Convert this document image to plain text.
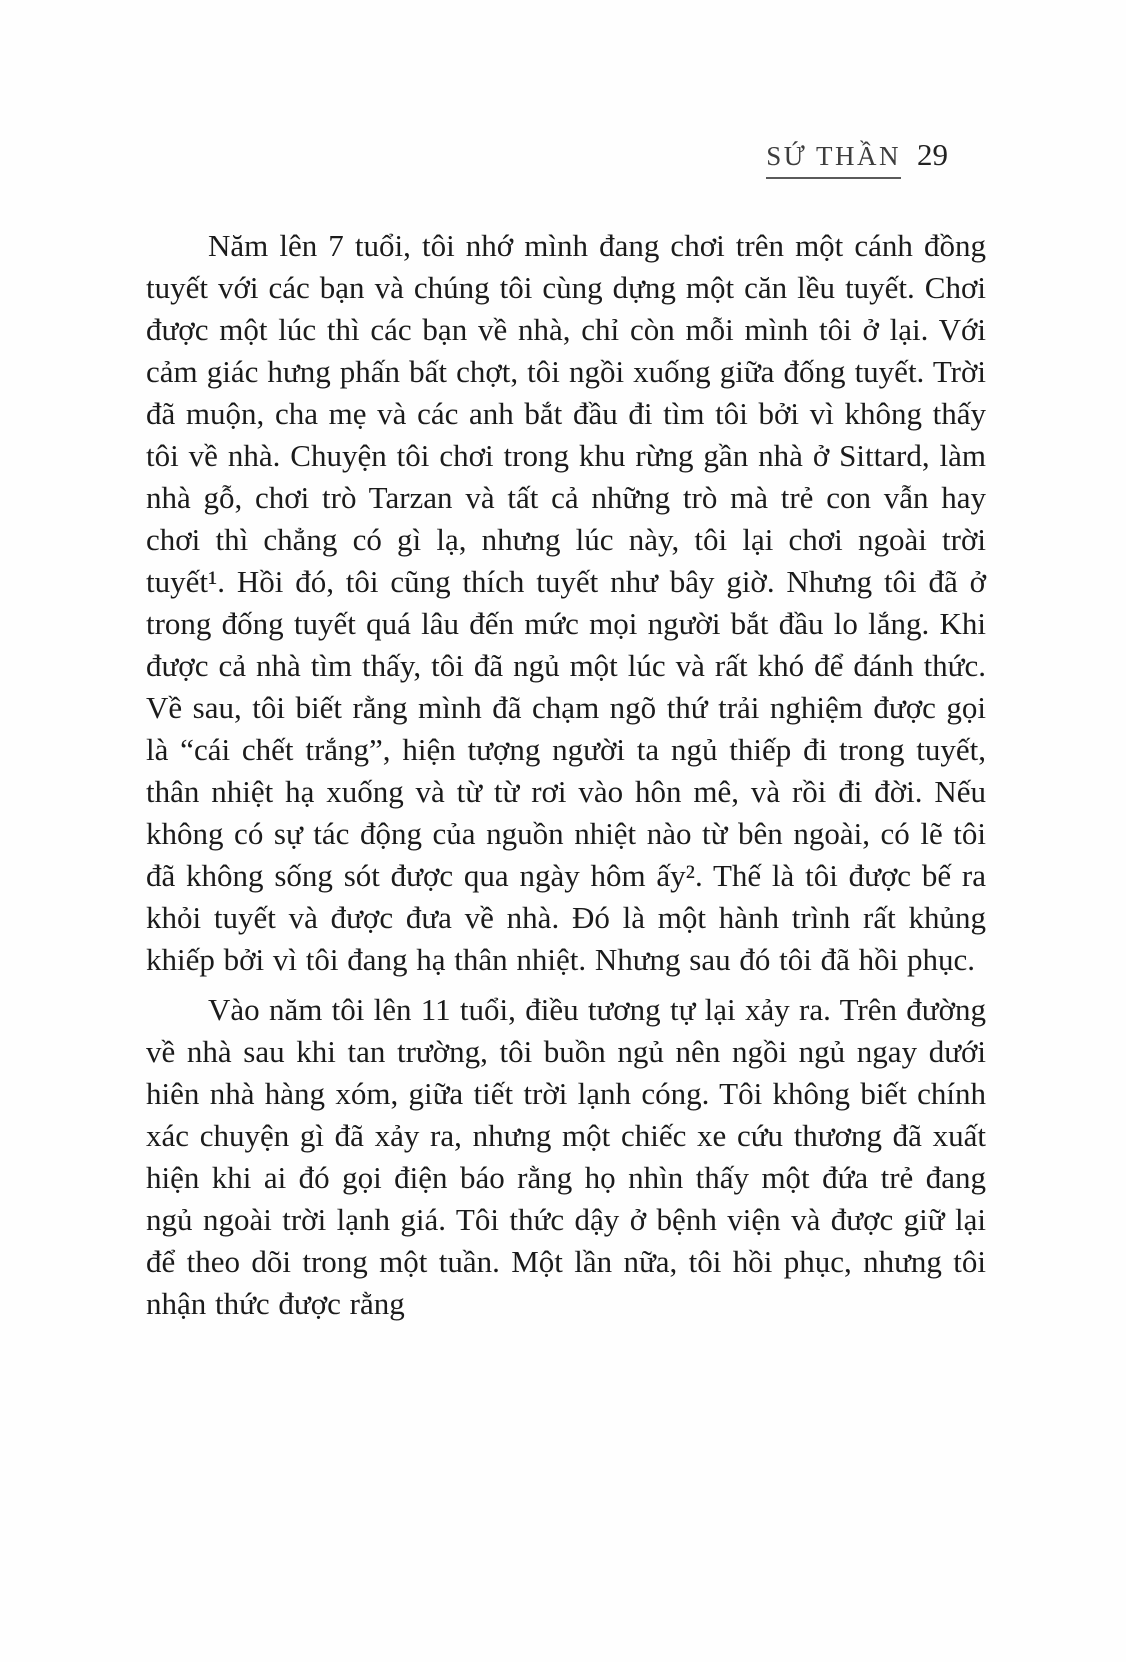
SỨ THẦN 29

Năm lên 7 tuổi, tôi nhớ mình đang chơi trên một cánh đồng tuyết với các bạn và chúng tôi cùng dựng một căn lều tuyết. Chơi được một lúc thì các bạn về nhà, chỉ còn mỗi mình tôi ở lại. Với cảm giác hưng phấn bất chợt, tôi ngồi xuống giữa đống tuyết. Trời đã muộn, cha mẹ và các anh bắt đầu đi tìm tôi bởi vì không thấy tôi về nhà. Chuyện tôi chơi trong khu rừng gần nhà ở Sittard, làm nhà gỗ, chơi trò Tarzan và tất cả những trò mà trẻ con vẫn hay chơi thì chẳng có gì lạ, nhưng lúc này, tôi lại chơi ngoài trời tuyết¹. Hồi đó, tôi cũng thích tuyết như bây giờ. Nhưng tôi đã ở trong đống tuyết quá lâu đến mức mọi người bắt đầu lo lắng. Khi được cả nhà tìm thấy, tôi đã ngủ một lúc và rất khó để đánh thức. Về sau, tôi biết rằng mình đã chạm ngõ thứ trải nghiệm được gọi là “cái chết trắng”, hiện tượng người ta ngủ thiếp đi trong tuyết, thân nhiệt hạ xuống và từ từ rơi vào hôn mê, và rồi đi đời. Nếu không có sự tác động của nguồn nhiệt nào từ bên ngoài, có lẽ tôi đã không sống sót được qua ngày hôm ấy². Thế là tôi được bế ra khỏi tuyết và được đưa về nhà. Đó là một hành trình rất khủng khiếp bởi vì tôi đang hạ thân nhiệt. Nhưng sau đó tôi đã hồi phục.

Vào năm tôi lên 11 tuổi, điều tương tự lại xảy ra. Trên đường về nhà sau khi tan trường, tôi buồn ngủ nên ngồi ngủ ngay dưới hiên nhà hàng xóm, giữa tiết trời lạnh cóng. Tôi không biết chính xác chuyện gì đã xảy ra, nhưng một chiếc xe cứu thương đã xuất hiện khi ai đó gọi điện báo rằng họ nhìn thấy một đứa trẻ đang ngủ ngoài trời lạnh giá. Tôi thức dậy ở bệnh viện và được giữ lại để theo dõi trong một tuần. Một lần nữa, tôi hồi phục, nhưng tôi nhận thức được rằng
